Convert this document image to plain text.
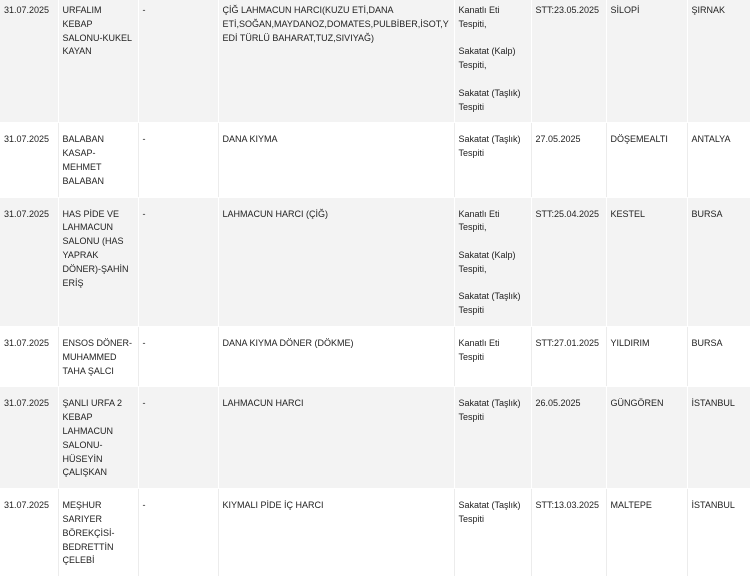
31.07.2025	URFALIM KEBAP SALONU-KUKEL KAYAN	-	ÇİĞ LAHMACUN HARCI(KUZU ETİ,DANA ETİ,SOĞAN,MAYDANOZ,DOMATES,PULBİBER,İSOT,YEDİ TÜRLÜ BAHARAT,TUZ,SIVIYAĞ)	Kanatlı Eti Tespiti,
Sakatat (Kalp) Tespiti,
Sakatat (Taşlık) Tespiti	STT:23.05.2025	SİLOPİ	ŞIRNAK
31.07.2025	BALABAN KASAP-MEHMET BALABAN	-	DANA KIYMA	Sakatat (Taşlık) Tespiti	27.05.2025	DÖŞEMEALTI	ANTALYA
31.07.2025	HAS PİDE VE LAHMACUN SALONU (HAS YAPRAK DÖNER)-ŞAHİN ERİŞ	-	LAHMACUN HARCI (ÇİĞ)	Kanatlı Eti Tespiti,
Sakatat (Kalp) Tespiti,
Sakatat (Taşlık) Tespiti	STT:25.04.2025	KESTEL	BURSA
31.07.2025	ENSOS DÖNER-MUHAMMED TAHA ŞALCI	-	DANA KIYMA DÖNER (DÖKME)	Kanatlı Eti Tespiti	STT:27.01.2025	YILDIRIM	BURSA
31.07.2025	ŞANLI URFA 2 KEBAP LAHMACUN SALONU-HÜSEYİN ÇALIŞKAN	-	LAHMACUN HARCI	Sakatat (Taşlık) Tespiti	26.05.2025	GÜNGÖREN	İSTANBUL
31.07.2025	MEŞHUR SARIYER BÖREKÇİSİ-BEDRETTİN ÇELEBİ	-	KIYMALI PİDE İÇ HARCI	Sakatat (Taşlık) Tespiti	STT:13.03.2025	MALTEPE	İSTANBUL
